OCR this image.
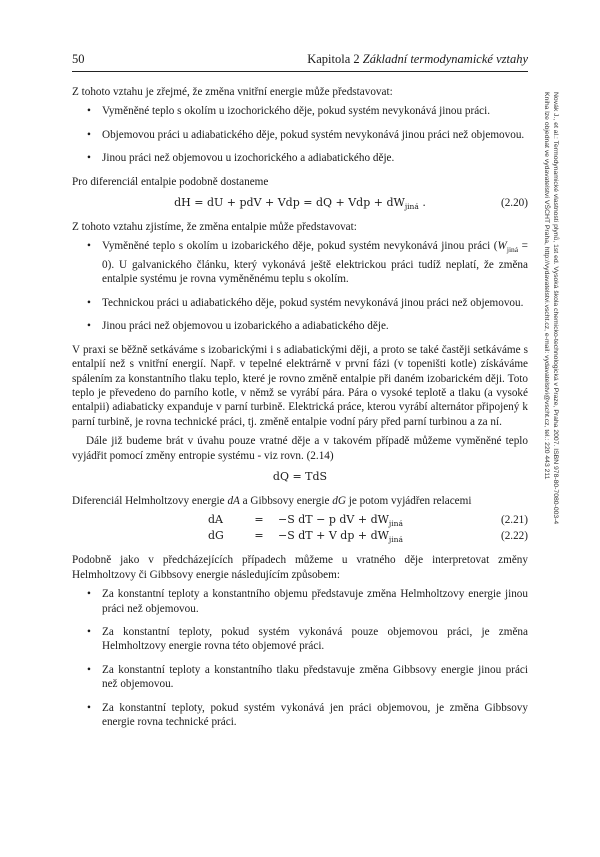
50	Kapitola 2 Základní termodynamické vztahy
Novák J., et al.: Termodynamické vlastnosti plynů, 1st ed. Vysoká škola chemicko-technologická v Praze, Praha 2007. ISBN 978-80-7080-003-4
Kniha lze objednat ve vydavatelství VŠCHT Praha, http://vydavatelstvi.vscht.cz, e-mail: vydavatelstvi@vscht.cz, tel.: 220 443 211

Z tohoto vztahu je zřejmé, že změna vnitřní energie může představovat:

• Vyměněné teplo s okolím u izochorického děje, pokud systém nevykonává jinou práci.
• Objemovou práci u adiabatického děje, pokud systém nevykonává jinou práci než objemovou.
• Jinou práci než objemovou u izochorického a adiabatického děje.

Pro diferenciál entalpie podobně dostaneme

dH = dU + pdV + Vdp = dQ + Vdp + $dW_{jiná}$ .	(2.20)

Z tohoto vztahu zjistíme, že změna entalpie může představovat:

• Vyměněné teplo s okolím u izobarického děje, pokud systém nevykonává jinou práci $(W_{jiná} = 0)$. U galvanického článku, který vykonává ještě elektrickou práci tudíž neplatí, že změna entalpie systému je rovna vyměněnému teplu s okolím.
• Technickou práci u adiabatického děje, pokud systém nevykonává jinou práci než objemovou.
• Jinou práci než objemovou u izobarického a adiabatického děje.

V praxi se běžně setkáváme s izobarickými i s adiabatickými ději, a proto se také častěji setkáváme s entalpií než s vnitřní energií. Např. v tepelné elektrárně v první fázi (v topeništi kotle) získáváme spálením za konstantního tlaku teplo, které je rovno změně entalpie při daném izobarickém ději. Toto teplo je převedeno do parního kotle, v němž se vyrábí pára. Pára o vysoké teplotě a tlaku (a vysoké entalpii) adiabaticky expanduje v parní turbině. Elektrická práce, kterou vyrábí alternátor připojený k parní turbině, je rovna technické práci, tj. změně entalpie vodní páry před parní turbinou a za ní.

Dále již budeme brát v úvahu pouze vratné děje a v takovém případě můžeme vyměněné teplo vyjádřit pomocí změny entropie systému - viz rovn. (2.14)

dQ = TdS

Diferenciál Helmholtzovy energie dA a Gibbsovy energie dG je potom vyjádřen relacemi

dA	=	−S dT − p dV + $dW_{jiná}$	(2.21)
dG	=	−S dT + V dp + $dW_{jiná}$	(2.22)

Podobně jako v předcházejících případech můžeme u vratného děje interpretovat změny Helmholtzovy či Gibbsovy energie následujícím způsobem:

• Za konstantní teploty a konstantního objemu představuje změna Helmholtzovy energie jinou práci než objemovou.
• Za konstantní teploty, pokud systém vykonává pouze objemovou práci, je změna Helmholtzovy energie rovna této objemové práci.
• Za konstantní teploty a konstantního tlaku představuje změna Gibbsovy energie jinou práci než objemovou.
• Za konstantní teploty, pokud systém vykonává jen práci objemovou, je změna Gibbsovy energie rovna technické práci.
